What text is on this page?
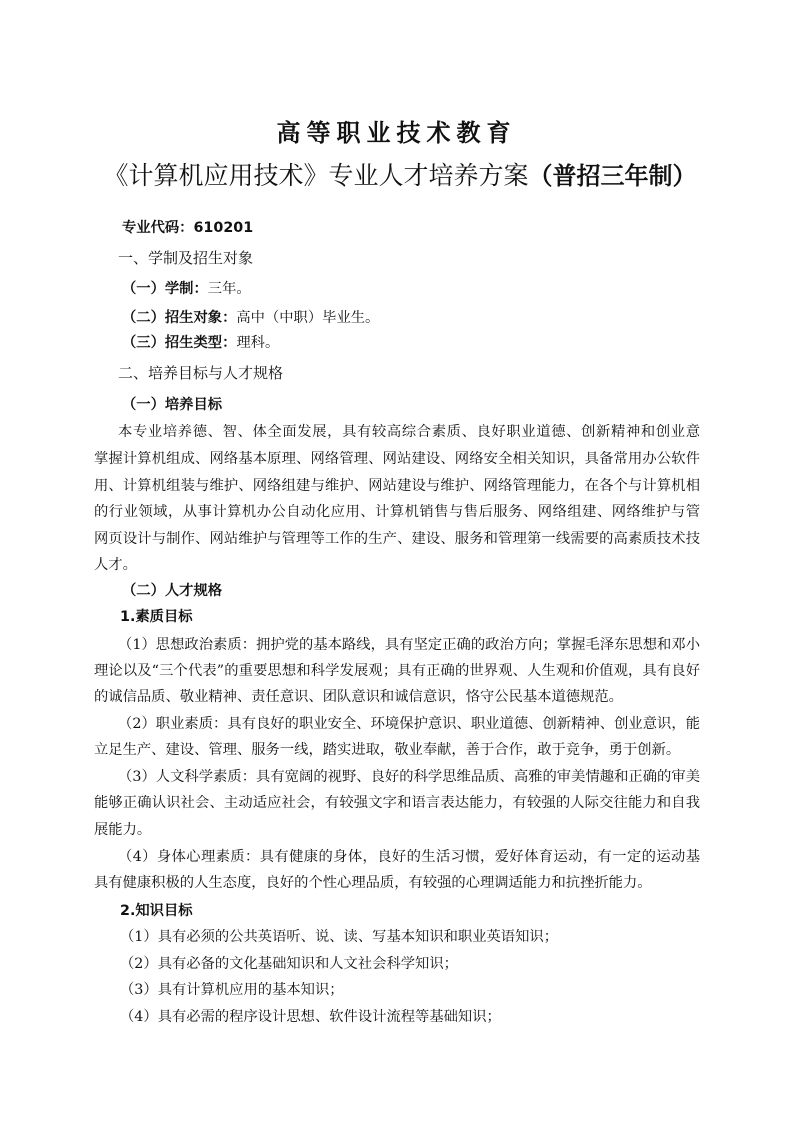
高等职业技术教育
《计算机应用技术》专业人才培养方案（普招三年制）
专业代码：610201
一、学制及招生对象
（一）学制：三年。
（二）招生对象：高中（中职）毕业生。
（三）招生类型：理科。
二、培养目标与人才规格
（一）培养目标
本专业培养德、智、体全面发展，具有较高综合素质、良好职业道德、创新精神和创业意
掌握计算机组成、网络基本原理、网络管理、网站建设、网络安全相关知识，具备常用办公软件
用、计算机组装与维护、网络组建与维护、网站建设与维护、网络管理能力，在各个与计算机相
的行业领域，从事计算机办公自动化应用、计算机销售与售后服务、网络组建、网络维护与管
网页设计与制作、网站维护与管理等工作的生产、建设、服务和管理第一线需要的高素质技术技
人才。
（二）人才规格
1.素质目标
（1）思想政治素质：拥护党的基本路线，具有坚定正确的政治方向；掌握毛泽东思想和邓小
理论以及“三个代表”的重要思想和科学发展观；具有正确的世界观、人生观和价值观，具有良好
的诚信品质、敬业精神、责任意识、团队意识和诚信意识，恪守公民基本道德规范。
（2）职业素质：具有良好的职业安全、环境保护意识、职业道德、创新精神、创业意识，能
立足生产、建设、管理、服务一线，踏实进取，敬业奉献，善于合作，敢于竞争，勇于创新。
（3）人文科学素质：具有宽阔的视野、良好的科学思维品质、高雅的审美情趣和正确的审美
能够正确认识社会、主动适应社会，有较强文字和语言表达能力，有较强的人际交往能力和自我
展能力。
（4）身体心理素质：具有健康的身体，良好的生活习惯，爱好体育运动，有一定的运动基
具有健康积极的人生态度，良好的个性心理品质，有较强的心理调适能力和抗挫折能力。
2.知识目标
（1）具有必须的公共英语听、说、读、写基本知识和职业英语知识；
（2）具有必备的文化基础知识和人文社会科学知识；
（3）具有计算机应用的基本知识；
（4）具有必需的程序设计思想、软件设计流程等基础知识；
